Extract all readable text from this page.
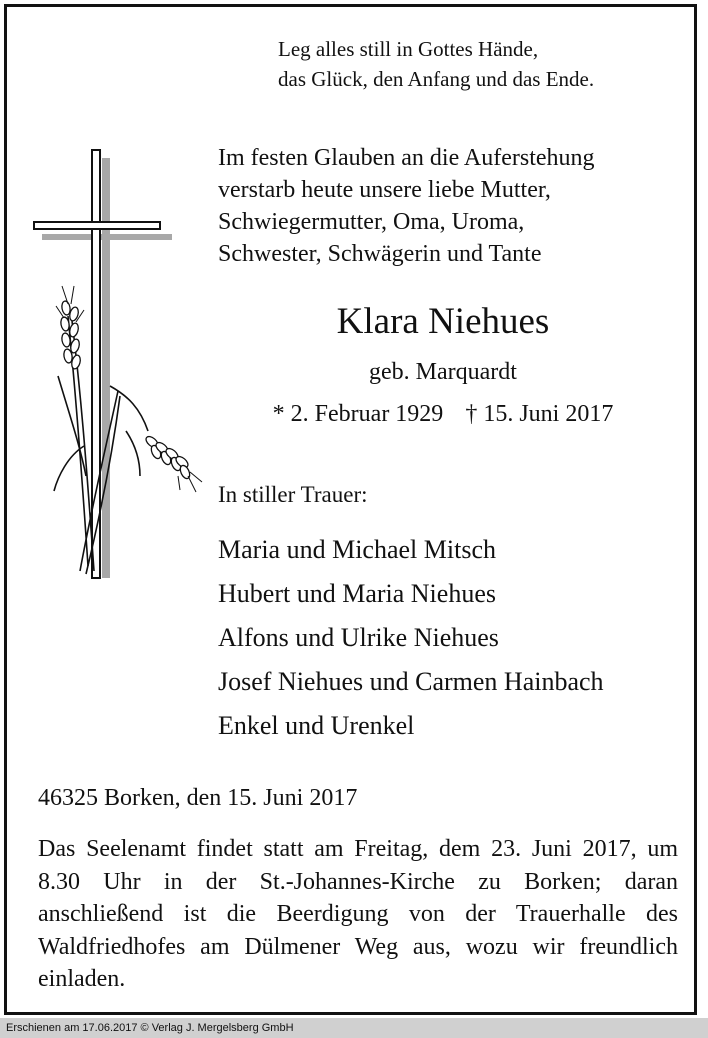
Leg alles still in Gottes Hände,
das Glück, den Anfang und das Ende.
Im festen Glauben an die Auferstehung
verstarb heute unsere liebe Mutter,
Schwiegermutter, Oma, Uroma,
Schwester, Schwägerin und Tante
Klara Niehues
geb. Marquardt
* 2. Februar 1929 † 15. Juni 2017
In stiller Trauer:
Maria und Michael Mitsch
Hubert und Maria Niehues
Alfons und Ulrike Niehues
Josef Niehues und Carmen Hainbach
Enkel und Urenkel
46325 Borken, den 15. Juni 2017

Das Seelenamt findet statt am Freitag, dem 23. Juni 2017, um 8.30 Uhr in der St.-Johannes-Kirche zu Borken; daran anschließend ist die Beerdigung von der Trauerhalle des Waldfriedhofes am Dülmener Weg aus, wozu wir freundlich einladen.

Erschienen am 17.06.2017 © Verlag J. Mergelsberg GmbH
